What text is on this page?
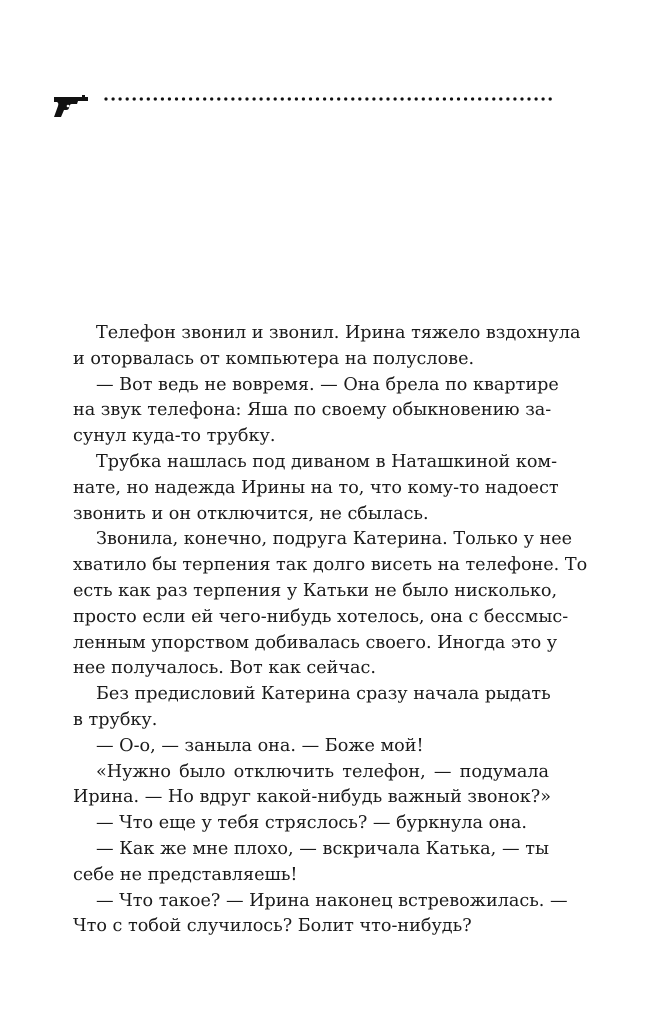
Телефон звонил и звонил. Ирина тяжело вздохнула
и оторвалась от компьютера на полуслове.
— Вот ведь не вовремя. — Она брела по квартире
на звук телефона: Яша по своему обыкновению за-
сунул куда-то трубку.
Трубка нашлась под диваном в Наташкиной ком-
нате, но надежда Ирины на то, что кому-то надоест
звонить и он отключится, не сбылась.
Звонила, конечно, подруга Катерина. Только у нее
хватило бы терпения так долго висеть на телефоне. То
есть как раз терпения у Катьки не было нисколько,
просто если ей чего-нибудь хотелось, она с бессмыс-
ленным упорством добивалась своего. Иногда это у
нее получалось. Вот как сейчас.
Без предисловий Катерина сразу начала рыдать
в трубку.
— О-о, — заныла она. — Боже мой!
«Нужно было отключить телефон, — подумала
Ирина. — Но вдруг какой-нибудь важный звонок?»
— Что еще у тебя стряслось? — буркнула она.
— Как же мне плохо, — вскричала Катька, — ты
себе не представляешь!
— Что такое? — Ирина наконец встревожилась. —
Что с тобой случилось? Болит что-нибудь?
